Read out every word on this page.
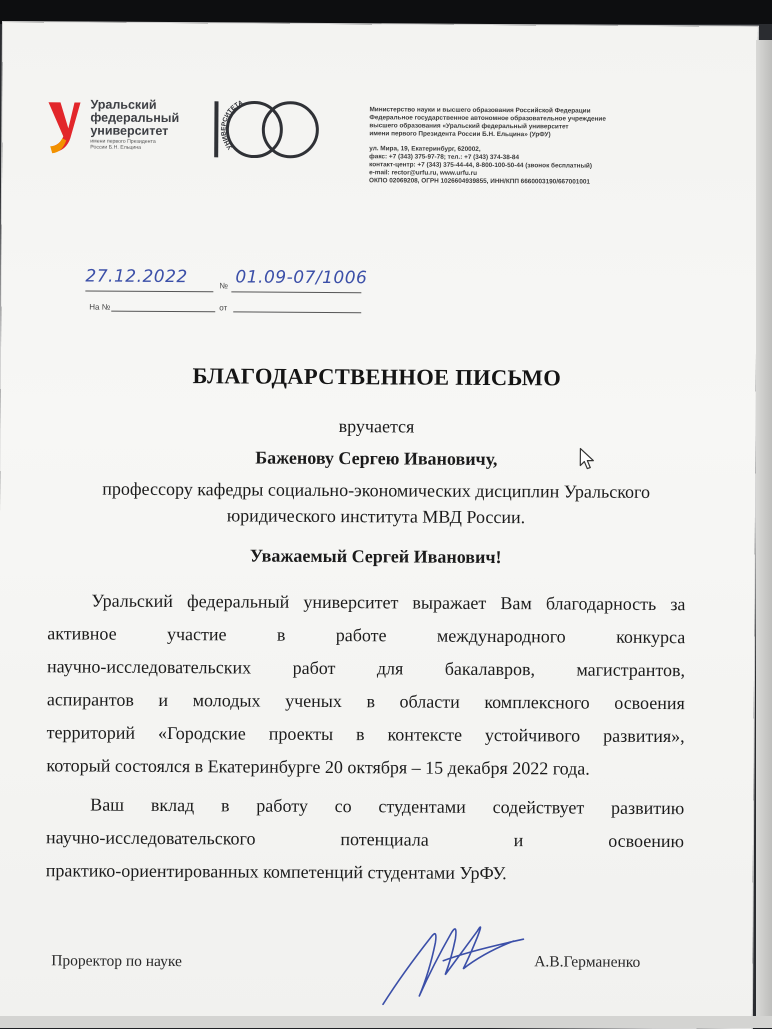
Уральский
федеральный
университет
имени первого Президента
России Б.Н. Ельцина	УНИВЕРСИТЕТА
Министерство науки и высшего образования Российской Федерации
Федеральное государственное автономное образовательное учреждение
высшего образования «Уральский федеральный университет
имени первого Президента России Б.Н. Ельцина» (УрФУ)
ул. Мира, 19, Екатеринбург, 620002,
факс: +7 (343) 375-97-78; тел.: +7 (343) 374-38-84
контакт-центр: +7 (343) 375-44-44, 8-800-100-50-44 (звонок бесплатный)
e-mail: rector@urfu.ru, www.urfu.ru
ОКПО 02069208, ОГРН 1026604939855, ИНН/КПП 6660003190/667001001
27.12.2022	№ 01.09-07/1006
На №	от
БЛАГОДАРСТВЕННОЕ ПИСЬМО
вручается
Баженову Сергею Ивановичу,
профессору кафедры социально-экономических дисциплин Уральского
юридического института МВД России.
Уважаемый Сергей Иванович!
Уральский федеральный университет выражает Вам благодарность за
активное участие в работе международного конкурса
научно-исследовательских работ для бакалавров, магистрантов,
аспирантов и молодых ученых в области комплексного освоения
территорий «Городские проекты в контексте устойчивого развития»,
который состоялся в Екатеринбурге 20 октября – 15 декабря 2022 года.
Ваш вклад в работу со студентами содействует развитию
научно-исследовательского потенциала и освоению
практико-ориентированных компетенций студентами УрФУ.
Проректор по науке	А.В.Германенко
